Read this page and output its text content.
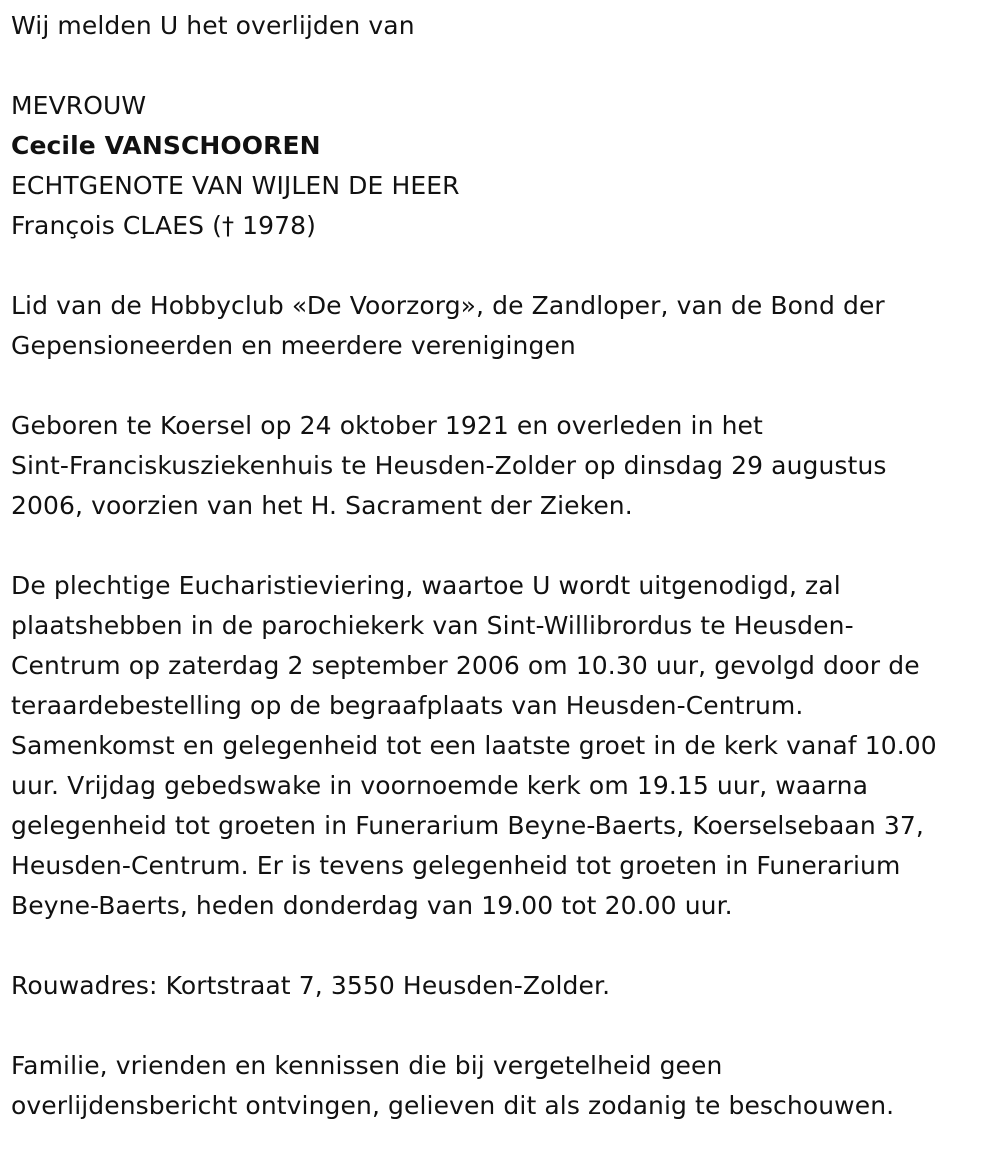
Wij melden U het overlijden van

MEVROUW

Cecile VANSCHOOREN

ECHTGENOTE VAN WIJLEN DE HEER

François CLAES († 1978)

Lid van de Hobbyclub «De Voorzorg», de Zandloper, van de Bond der

Gepensioneerden en meerdere verenigingen

Geboren te Koersel op 24 oktober 1921 en overleden in het

Sint-Franciskusziekenhuis te Heusden-Zolder op dinsdag 29 augustus

2006, voorzien van het H. Sacrament der Zieken.

De plechtige Eucharistieviering, waartoe U wordt uitgenodigd, zal

plaatshebben in de parochiekerk van Sint-Willibrordus te Heusden-

Centrum op zaterdag 2 september 2006 om 10.30 uur, gevolgd door de

teraardebestelling op de begraafplaats van Heusden-Centrum.

Samenkomst en gelegenheid tot een laatste groet in de kerk vanaf 10.00

uur. Vrijdag gebedswake in voornoemde kerk om 19.15 uur, waarna

gelegenheid tot groeten in Funerarium Beyne-Baerts, Koerselsebaan 37,

Heusden-Centrum. Er is tevens gelegenheid tot groeten in Funerarium

Beyne-Baerts, heden donderdag van 19.00 tot 20.00 uur.

Rouwadres: Kortstraat 7, 3550 Heusden-Zolder.

Familie, vrienden en kennissen die bij vergetelheid geen

overlijdensbericht ontvingen, gelieven dit als zodanig te beschouwen.
